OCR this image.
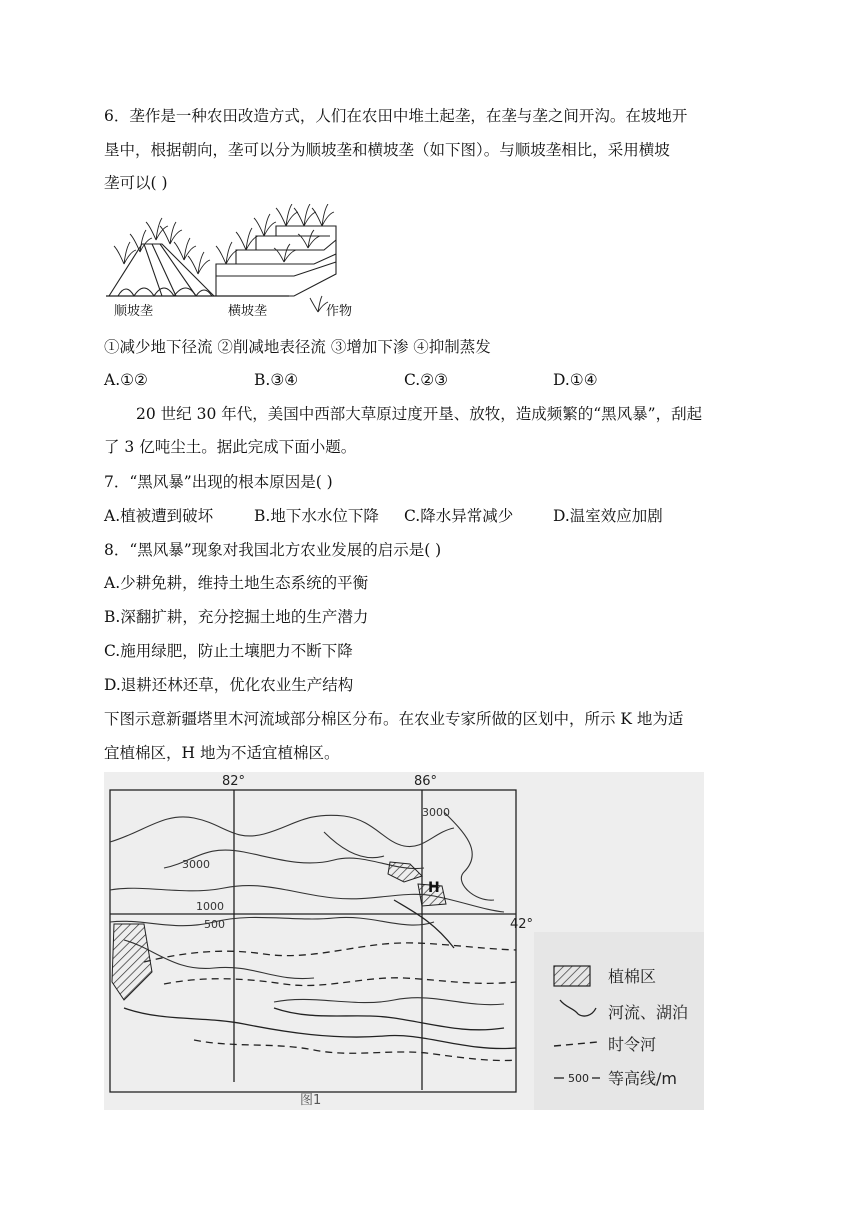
6．垄作是一种农田改造方式，人们在农田中堆土起垄，在垄与垄之间开沟。在坡地开
垦中，根据朝向，垄可以分为顺坡垄和横坡垄（如下图）。与顺坡垄相比，采用横坡
垄可以( )
顺坡垄	横坡垄	作物
①减少地下径流 ②削减地表径流 ③增加下渗 ④抑制蒸发
A.①②	B.③④	C.②③	D.①④
20 世纪 30 年代，美国中西部大草原过度开垦、放牧，造成频繁的“黑风暴”，刮起
了 3 亿吨尘土。据此完成下面小题。
7．“黑风暴”出现的根本原因是( )
A.植被遭到破坏	B.地下水水位下降 C.降水异常减少	D.温室效应加剧
8．“黑风暴”现象对我国北方农业发展的启示是( )
A.少耕免耕，维持土地生态系统的平衡
B.深翻扩耕，充分挖掘土地的生产潜力
C.施用绿肥，防止土壤肥力不断下降
D.退耕还林还草，优化农业生产结构
下图示意新疆塔里木河流域部分棉区分布。在农业专家所做的区划中，所示 K 地为适
宜植棉区，H 地为不适宜植棉区。
82°	86°
42°
3000
3000
1000
500
H
植棉区
河流、湖泊
时令河
500 等高线/m
图1
